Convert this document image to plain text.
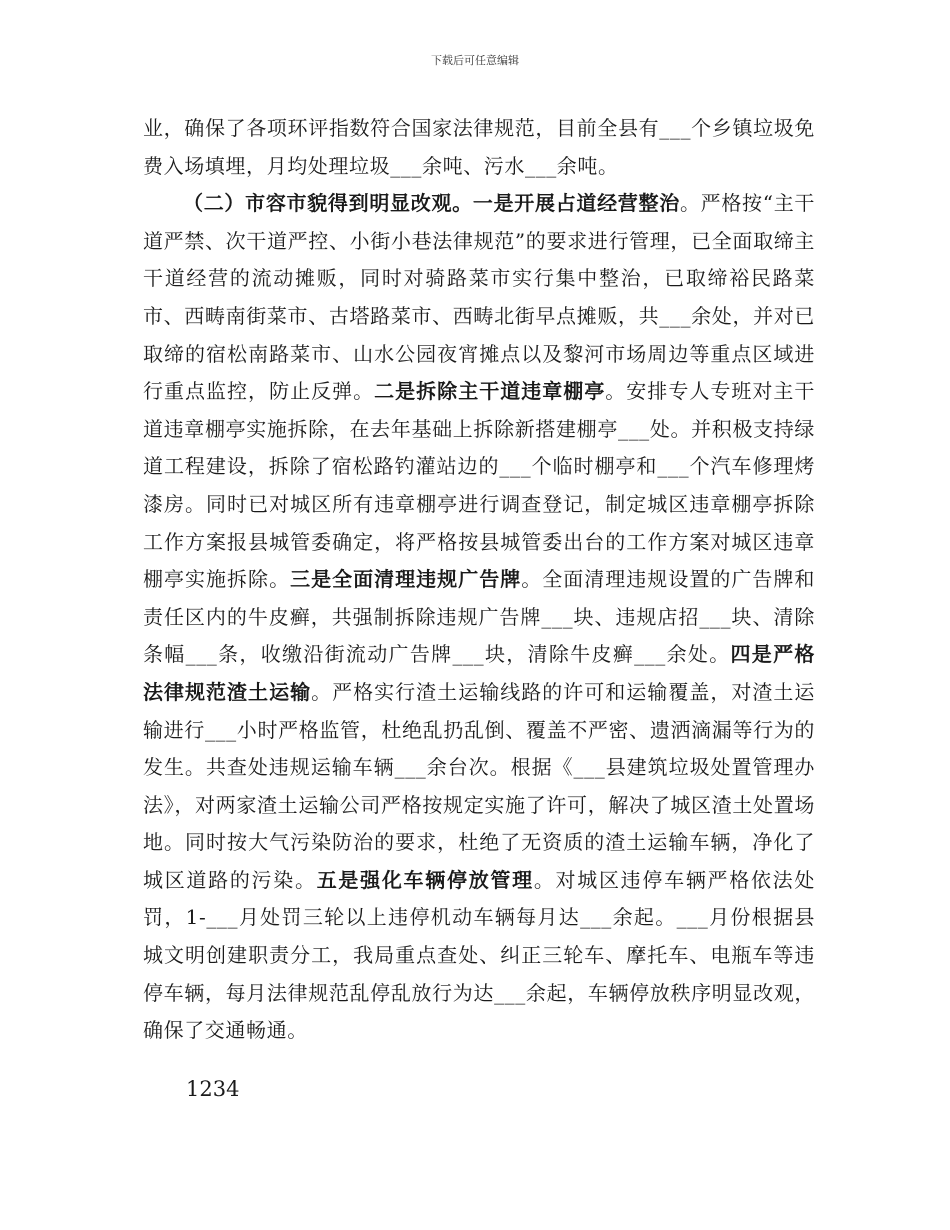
下载后可任意编辑

业，确保了各项环评指数符合国家法律规范，目前全县有___个乡镇垃圾免费入场填埋，月均处理垃圾___余吨、污水___余吨。

（二）市容市貌得到明显改观。一是开展占道经营整治。严格按“主干道严禁、次干道严控、小街小巷法律规范”的要求进行管理，已全面取缔主干道经营的流动摊贩，同时对骑路菜市实行集中整治，已取缔裕民路菜市、西畴南街菜市、古塔路菜市、西畴北街早点摊贩，共___余处，并对已取缔的宿松南路菜市、山水公园夜宵摊点以及黎河市场周边等重点区域进行重点监控，防止反弹。二是拆除主干道违章棚亭。安排专人专班对主干道违章棚亭实施拆除，在去年基础上拆除新搭建棚亭___处。并积极支持绿道工程建设，拆除了宿松路钓灌站边的___个临时棚亭和___个汽车修理烤漆房。同时已对城区所有违章棚亭进行调查登记，制定城区违章棚亭拆除工作方案报县城管委确定，将严格按县城管委出台的工作方案对城区违章棚亭实施拆除。三是全面清理违规广告牌。全面清理违规设置的广告牌和责任区内的牛皮癣，共强制拆除违规广告牌___块、违规店招___块、清除条幅___条，收缴沿街流动广告牌___块，清除牛皮癣___余处。四是严格法律规范渣土运输。严格实行渣土运输线路的许可和运输覆盖，对渣土运输进行___小时严格监管，杜绝乱扔乱倒、覆盖不严密、遗洒滴漏等行为的发生。共查处违规运输车辆___余台次。根据《___县建筑垃圾处置管理办法》，对两家渣土运输公司严格按规定实施了许可，解决了城区渣土处置场地。同时按大气污染防治的要求，杜绝了无资质的渣土运输车辆，净化了城区道路的污染。五是强化车辆停放管理。对城区违停车辆严格依法处罚，1-___月处罚三轮以上违停机动车辆每月达___余起。___月份根据县城文明创建职责分工，我局重点查处、纠正三轮车、摩托车、电瓶车等违停车辆，每月法律规范乱停乱放行为达___余起，车辆停放秩序明显改观，确保了交通畅通。

1234
